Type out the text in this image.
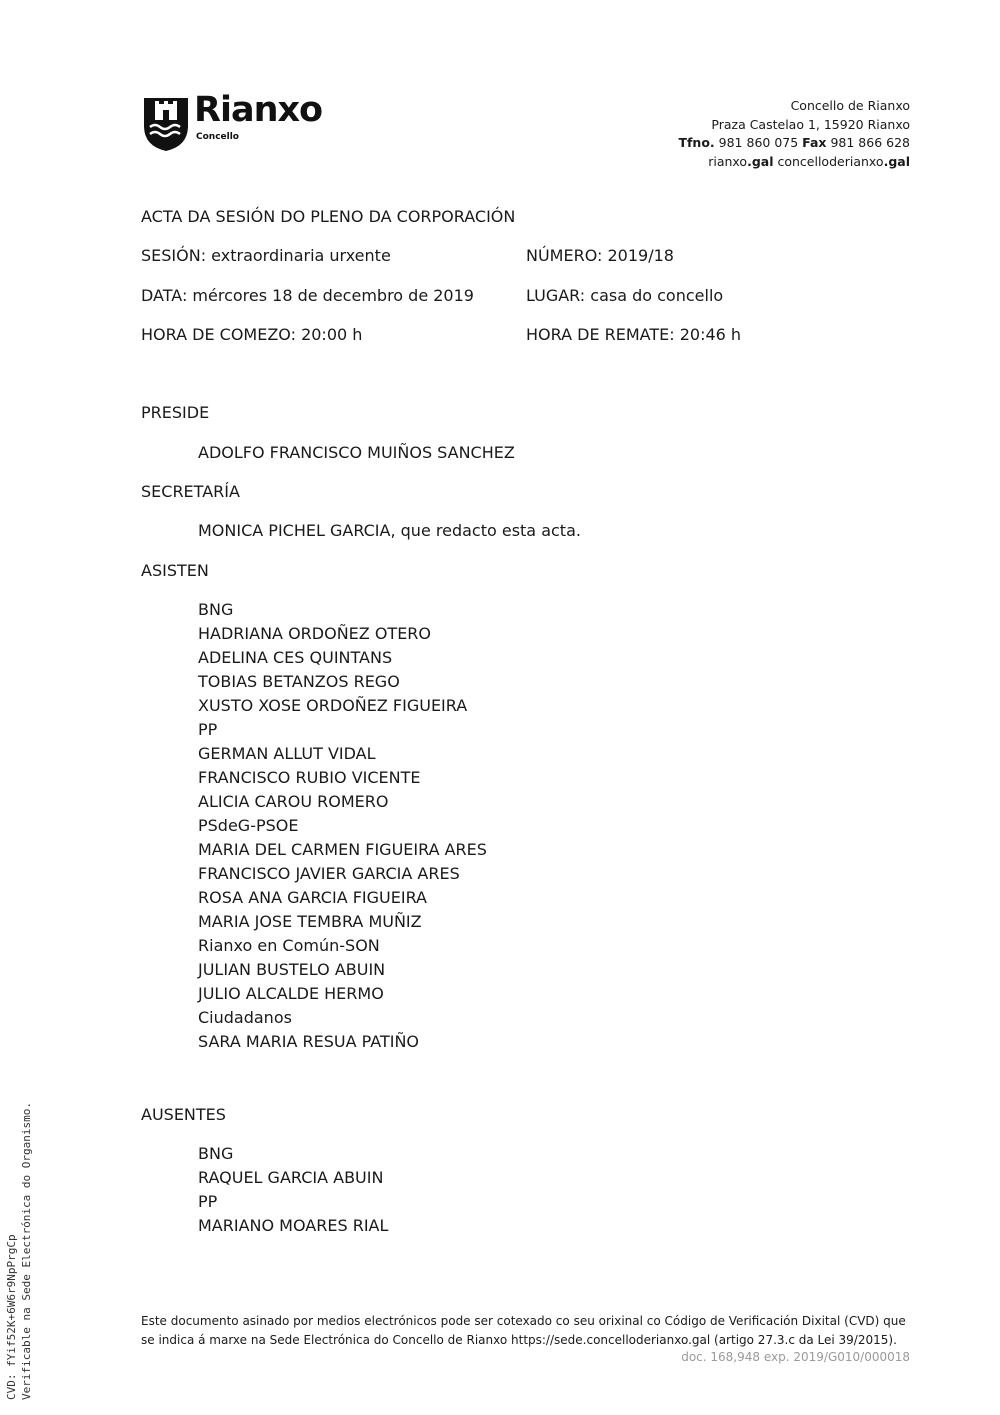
Rianxo
Concello
Concello de Rianxo
Praza Castelao 1, 15920 Rianxo
Tfno. 981 860 075 Fax 981 866 628
rianxo.gal concelloderianxo.gal
ACTA DA SESIÓN DO PLENO DA CORPORACIÓN
SESIÓN: extraordinaria urxente	NÚMERO: 2019/18
DATA: mércores 18 de decembro de 2019	LUGAR: casa do concello
HORA DE COMEZO: 20:00 h	HORA DE REMATE: 20:46 h
PRESIDE
ADOLFO FRANCISCO MUIÑOS SANCHEZ
SECRETARÍA
MONICA PICHEL GARCIA, que redacto esta acta.
ASISTEN
BNG
HADRIANA ORDOÑEZ OTERO
ADELINA CES QUINTANS
TOBIAS BETANZOS REGO
XUSTO XOSE ORDOÑEZ FIGUEIRA
PP
GERMAN ALLUT VIDAL
FRANCISCO RUBIO VICENTE
ALICIA CAROU ROMERO
PSdeG-PSOE
MARIA DEL CARMEN FIGUEIRA ARES
FRANCISCO JAVIER GARCIA ARES
ROSA ANA GARCIA FIGUEIRA
MARIA JOSE TEMBRA MUÑIZ
Rianxo en Común-SON
JULIAN BUSTELO ABUIN
JULIO ALCALDE HERMO
Ciudadanos
SARA MARIA RESUA PATIÑO
AUSENTES
BNG
RAQUEL GARCIA ABUIN
PP
MARIANO MOARES RIAL
Este documento asinado por medios electrónicos pode ser cotexado co seu orixinal co Código de Verificación Dixital (CVD) que se indica á marxe na Sede Electrónica do Concello de Rianxo https://sede.concelloderianxo.gal (artigo 27.3.c da Lei 39/2015).
doc. 168,948 exp. 2019/G010/000018
CVD: fYif52K+6W6r9NpPrgCp Verificable na Sede Electrónica do Organismo.
